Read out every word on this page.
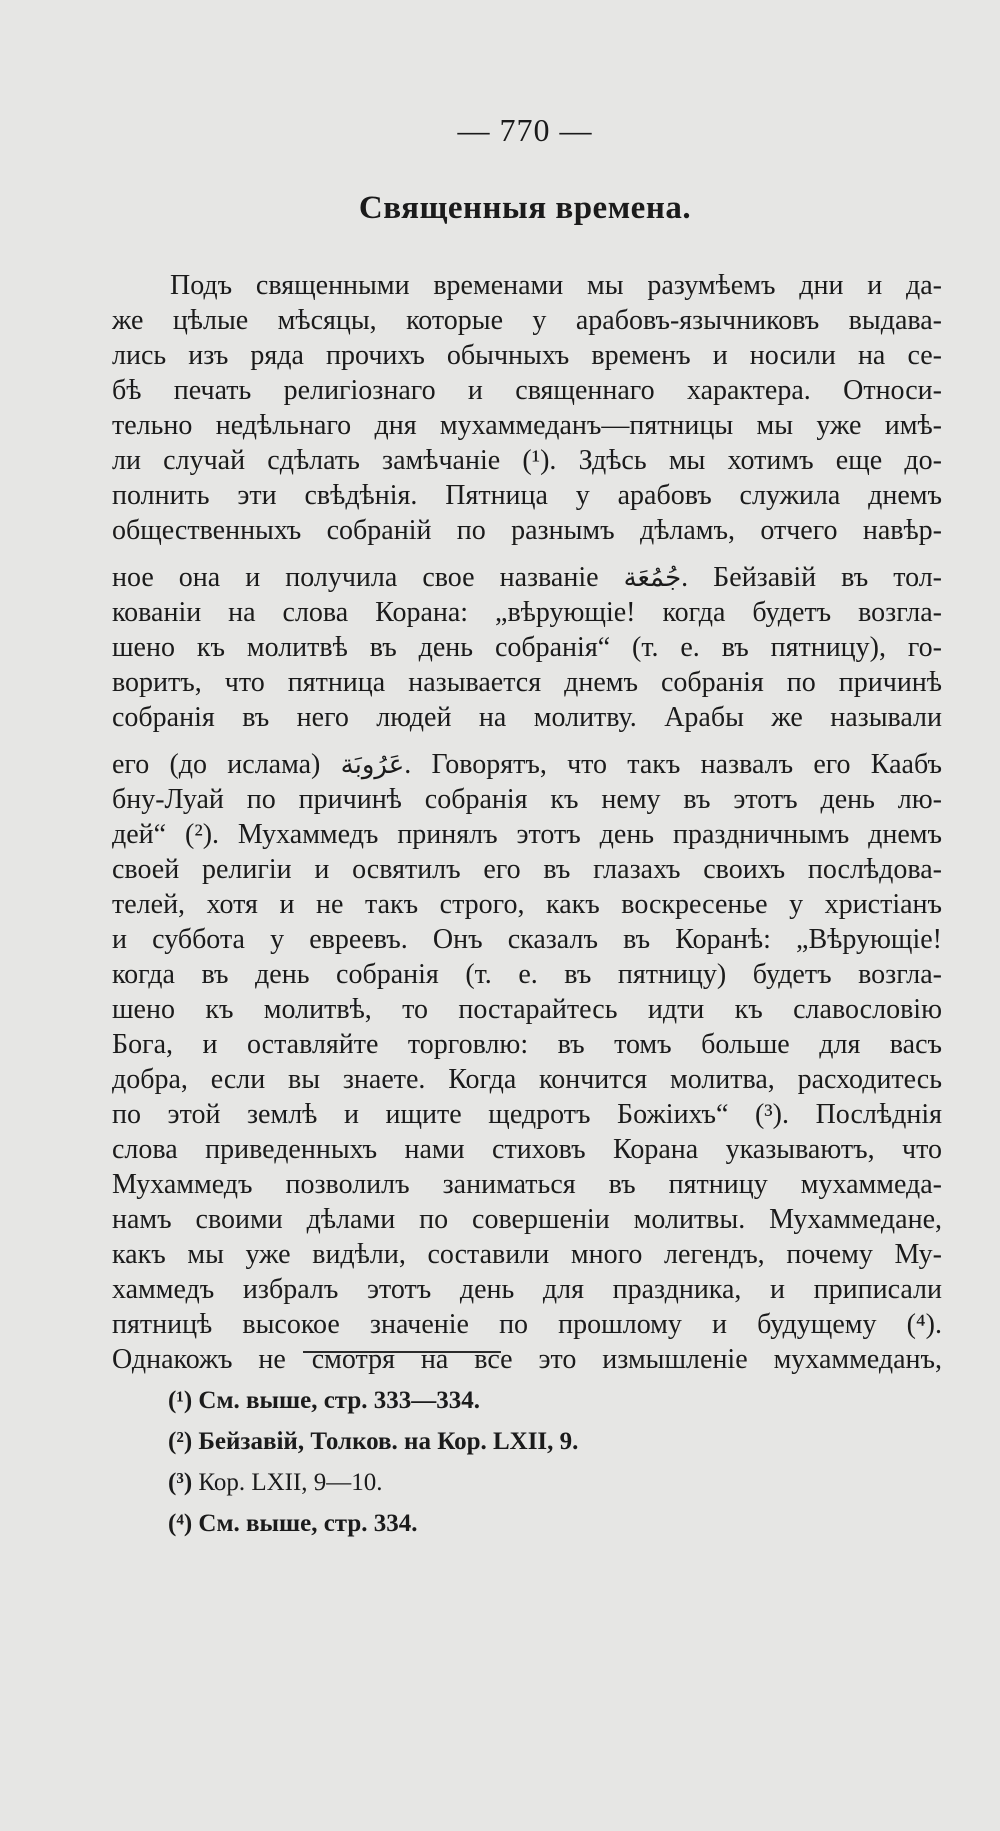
— 770 —
Священныя времена.
Подъ священными временами мы разумѣемъ дни и да-
же цѣлые мѣсяцы, которые у арабовъ-язычниковъ выдава-
лись изъ ряда прочихъ обычныхъ временъ и носили на се-
бѣ печать религіознаго и священнаго характера. Относи-
тельно недѣльнаго дня мухаммеданъ—пятницы мы уже имѣ-
ли случай сдѣлать замѣчаніе (¹). Здѣсь мы хотимъ еще до-
полнить эти свѣдѣнія. Пятница у арабовъ служила днемъ
общественныхъ собраній по разнымъ дѣламъ, отчего навѣр-
ное она и получила свое названіе جُمُعَة. Бейзавій въ тол-
кованіи на слова Корана: „вѣрующіе! когда будетъ возгла-
шено къ молитвѣ въ день собранія“ (т. е. въ пятницу), го-
воритъ, что пятница называется днемъ собранія по причинѣ
собранія въ него людей на молитву. Арабы же называли
его (до ислама) عَرُوبَة. Говорятъ, что такъ назвалъ его Каабъ
бну-Луай по причинѣ собранія къ нему въ этотъ день лю-
дей“ (²). Мухаммедъ принялъ этотъ день праздничнымъ днемъ
своей религіи и освятилъ его въ глазахъ своихъ послѣдова-
телей, хотя и не такъ строго, какъ воскресенье у христіанъ
и суббота у евреевъ. Онъ сказалъ въ Коранѣ: „Вѣрующіе!
когда въ день собранія (т. е. въ пятницу) будетъ возгла-
шено къ молитвѣ, то постарайтесь идти къ славословію
Бога, и оставляйте торговлю: въ томъ больше для васъ
добра, если вы знаете. Когда кончится молитва, расходитесь
по этой землѣ и ищите щедротъ Божіихъ“ (³). Послѣднія
слова приведенныхъ нами стиховъ Корана указываютъ, что
Мухаммедъ позволилъ заниматься въ пятницу мухаммеда-
намъ своими дѣлами по совершеніи молитвы. Мухаммедане,
какъ мы уже видѣли, составили много легендъ, почему Му-
хаммедъ избралъ этотъ день для праздника, и приписали
пятницѣ высокое значеніе по прошлому и будущему (⁴).
Однакожъ не смотря на все это измышленіе мухаммеданъ,
(¹) См. выше, стр. 333—334.
(²) Бейзавій, Толков. на Кор. LXII, 9.
(³) Кор. LXII, 9—10.
(⁴) См. выше, стр. 334.
